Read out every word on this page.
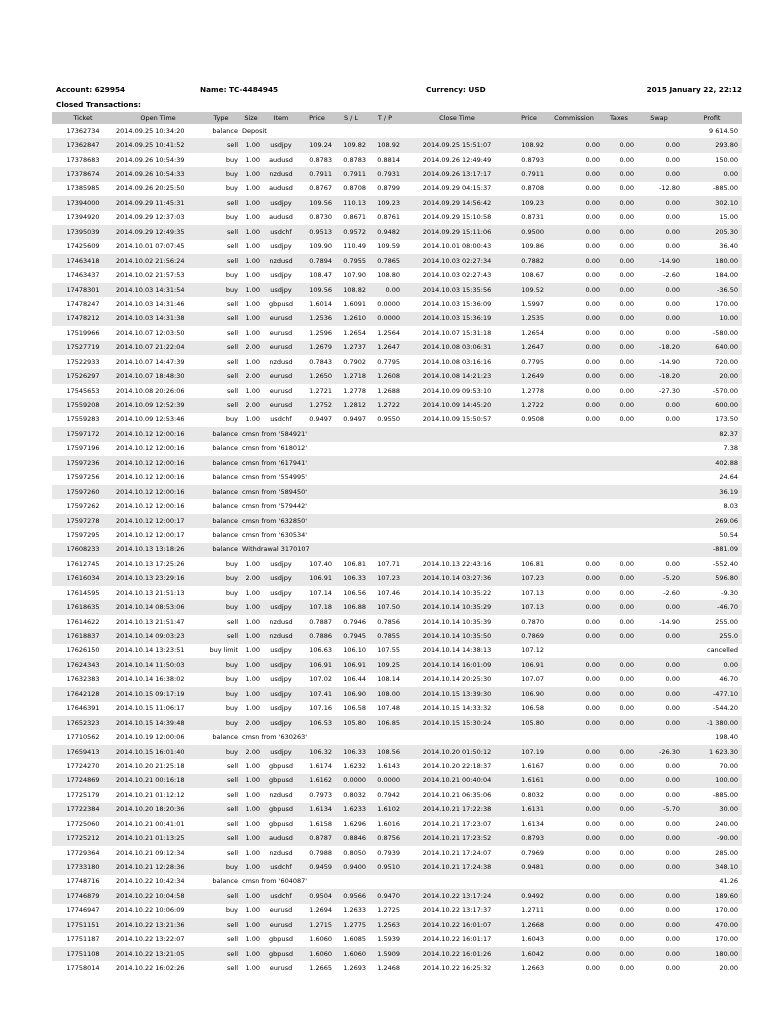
Account: 629954	Name: TC-4484945	Currency: USD	2015 January 22, 22:12
Closed Transactions:
Ticket	Open Time	Type	Size	Item	Price	S / L	T / P	Close Time	Price	Commission	Taxes	Swap	Profit
17362734	2014.09.25 10:34:20	balance	Deposit										9 614.50
17362847	2014.09.25 10:41:52	sell	1.00	usdjpy	109.24	109.82	108.92	2014.09.25 15:51:07	108.92	0.00	0.00	0.00	293.80
17378683	2014.09.26 10:54:39	buy	1.00	audusd	0.8783	0.8783	0.8814	2014.09.26 12:49:49	0.8793	0.00	0.00	0.00	150.00
17378674	2014.09.26 10:54:33	buy	1.00	nzdusd	0.7911	0.7911	0.7931	2014.09.26 13:17:17	0.7911	0.00	0.00	0.00	0.00
17385985	2014.09.26 20:25:50	buy	1.00	audusd	0.8767	0.8708	0.8799	2014.09.29 04:15:37	0.8708	0.00	0.00	-12.80	-885.00
17394000	2014.09.29 11:45:31	sell	1.00	usdjpy	109.56	110.13	109.23	2014.09.29 14:56:42	109.23	0.00	0.00	0.00	302.10
17394920	2014.09.29 12:37:03	buy	1.00	audusd	0.8730	0.8671	0.8761	2014.09.29 15:10:58	0.8731	0.00	0.00	0.00	15.00
17395039	2014.09.29 12:49:35	sell	1.00	usdchf	0.9513	0.9572	0.9482	2014.09.29 15:11:06	0.9500	0.00	0.00	0.00	205.30
17425609	2014.10.01 07:07:45	sell	1.00	usdjpy	109.90	110.49	109.59	2014.10.01 08:00:43	109.86	0.00	0.00	0.00	36.40
17463418	2014.10.02 21:56:24	sell	1.00	nzdusd	0.7894	0.7955	0.7865	2014.10.03 02:27:34	0.7882	0.00	0.00	-14.90	180.00
17463437	2014.10.02 21:57:53	buy	1.00	usdjpy	108.47	107.90	108.80	2014.10.03 02:27:43	108.67	0.00	0.00	-2.60	184.00
17478301	2014.10.03 14:31:54	buy	1.00	usdjpy	109.56	108.82	0.00	2014.10.03 15:35:56	109.52	0.00	0.00	0.00	-36.50
17478247	2014.10.03 14:31:46	sell	1.00	gbpusd	1.6014	1.6091	0.0000	2014.10.03 15:36:09	1.5997	0.00	0.00	0.00	170.00
17478212	2014.10.03 14:31:38	sell	1.00	eurusd	1.2536	1.2610	0.0000	2014.10.03 15:36:19	1.2535	0.00	0.00	0.00	10.00
17519966	2014.10.07 12:03:50	sell	1.00	eurusd	1.2596	1.2654	1.2564	2014.10.07 15:31:18	1.2654	0.00	0.00	0.00	-580.00
17527719	2014.10.07 21:22:04	sell	2.00	eurusd	1.2679	1.2737	1.2647	2014.10.08 03:06:31	1.2647	0.00	0.00	-18.20	640.00
17522933	2014.10.07 14:47:39	sell	1.00	nzdusd	0.7843	0.7902	0.7795	2014.10.08 03:16:16	0.7795	0.00	0.00	-14.90	720.00
17526297	2014.10.07 18:48:30	sell	2.00	eurusd	1.2650	1.2718	1.2608	2014.10.08 14:21:23	1.2649	0.00	0.00	-18.20	20.00
17545653	2014.10.08 20:26:06	sell	1.00	eurusd	1.2721	1.2778	1.2688	2014.10.09 09:53:10	1.2778	0.00	0.00	-27.30	-570.00
17559208	2014.10.09 12:52:39	sell	2.00	eurusd	1.2752	1.2812	1.2722	2014.10.09 14:45:20	1.2722	0.00	0.00	0.00	600.00
17559283	2014.10.09 12:53:46	buy	1.00	usdchf	0.9497	0.9497	0.9550	2014.10.09 15:50:57	0.9508	0.00	0.00	0.00	173.50
17597172	2014.10.12 12:00:16	balance	cmsn from '584921'										82.37
17597196	2014.10.12 12:00:16	balance	cmsn from '618012'										7.38
17597236	2014.10.12 12:00:16	balance	cmsn from '617941'										402.88
17597256	2014.10.12 12:00:16	balance	cmsn from '554995'										24.64
17597260	2014.10.12 12:00:16	balance	cmsn from '589450'										36.19
17597262	2014.10.12 12:00:16	balance	cmsn from '579442'										8.03
17597278	2014.10.12 12:00:17	balance	cmsn from '632850'										269.06
17597295	2014.10.12 12:00:17	balance	cmsn from '630534'										50.54
17608233	2014.10.13 13:18:26	balance	Withdrawal 3170107										-881.09
17612745	2014.10.13 17:25:26	buy	1.00	usdjpy	107.40	106.81	107.71	2014.10.13 22:43:16	106.81	0.00	0.00	0.00	-552.40
17616034	2014.10.13 23:29:16	buy	2.00	usdjpy	106.91	106.33	107.23	2014.10.14 03:27:36	107.23	0.00	0.00	-5.20	596.80
17614595	2014.10.13 21:51:13	buy	1.00	usdjpy	107.14	106.56	107.46	2014.10.14 10:35:22	107.13	0.00	0.00	-2.60	-9.30
17618635	2014.10.14 08:53:06	buy	1.00	usdjpy	107.18	106.88	107.50	2014.10.14 10:35:29	107.13	0.00	0.00	0.00	-46.70
17614622	2014.10.13 21:51:47	sell	1.00	nzdusd	0.7887	0.7946	0.7856	2014.10.14 10:35:39	0.7870	0.00	0.00	-14.90	255.00
17618837	2014.10.14 09:03:23	sell	1.00	nzdusd	0.7886	0.7945	0.7855	2014.10.14 10:35:50	0.7869	0.00	0.00	0.00	255.0
17626150	2014.10.14 13:23:51	buy limit	1.00	usdjpy	106.63	106.10	107.55	2014.10.14 14:38:13	107.12				cancelled
17624343	2014.10.14 11:50:03	buy	1.00	usdjpy	106.91	106.91	109.25	2014.10.14 16:01:09	106.91	0.00	0.00	0.00	0.00
17632383	2014.10.14 16:38:02	buy	1.00	usdjpy	107.02	106.44	108.14	2014.10.14 20:25:30	107.07	0.00	0.00	0.00	46.70
17642128	2014.10.15 09:17:19	buy	1.00	usdjpy	107.41	106.90	108.00	2014.10.15 13:39:30	106.90	0.00	0.00	0.00	-477.10
17646391	2014.10.15 11:06:17	buy	1.00	usdjpy	107.16	106.58	107.48	2014.10.15 14:33:32	106.58	0.00	0.00	0.00	-544.20
17652323	2014.10.15 14:39:48	buy	2.00	usdjpy	106.53	105.80	106.85	2014.10.15 15:30:24	105.80	0.00	0.00	0.00	-1 380.00
17710562	2014.10.19 12:00:06	balance	cmsn from '630263'										198.40
17659413	2014.10.15 16:01:40	buy	2.00	usdjpy	106.32	106.33	108.56	2014.10.20 01:50:12	107.19	0.00	0.00	-26.30	1 623.30
17724270	2014.10.20 21:25:18	sell	1.00	gbpusd	1.6174	1.6232	1.6143	2014.10.20 22:18:37	1.6167	0.00	0.00	0.00	70.00
17724869	2014.10.21 00:16:18	sell	1.00	gbpusd	1.6162	0.0000	0.0000	2014.10.21 00:40:04	1.6161	0.00	0.00	0.00	100.00
17725179	2014.10.21 01:12:12	sell	1.00	nzdusd	0.7973	0.8032	0.7942	2014.10.21 06:35:06	0.8032	0.00	0.00	0.00	-885.00
17722384	2014.10.20 18:20:36	sell	1.00	gbpusd	1.6134	1.6233	1.6102	2014.10.21 17:22:38	1.6131	0.00	0.00	-5.70	30.00
17725060	2014.10.21 00:41:01	sell	1.00	gbpusd	1.6158	1.6296	1.6016	2014.10.21 17:23:07	1.6134	0.00	0.00	0.00	240.00
17725212	2014.10.21 01:13:25	sell	1.00	audusd	0.8787	0.8846	0.8756	2014.10.21 17:23:52	0.8793	0.00	0.00	0.00	-90.00
17729364	2014.10.21 09:12:34	sell	1.00	nzdusd	0.7988	0.8050	0.7939	2014.10.21 17:24:07	0.7969	0.00	0.00	0.00	285.00
17733180	2014.10.21 12:28:36	buy	1.00	usdchf	0.9459	0.9400	0.9510	2014.10.21 17:24:38	0.9481	0.00	0.00	0.00	348.10
17748716	2014.10.22 10:42:34	balance	cmsn from '604087'										41.26
17746879	2014.10.22 10:04:58	sell	1.00	usdchf	0.9504	0.9566	0.9470	2014.10.22 13:17:24	0.9492	0.00	0.00	0.00	189.60
17746947	2014.10.22 10:06:09	buy	1.00	eurusd	1.2694	1.2633	1.2725	2014.10.22 13:17:37	1.2711	0.00	0.00	0.00	170.00
17751151	2014.10.22 13:21:36	sell	1.00	eurusd	1.2715	1.2775	1.2563	2014.10.22 16:01:07	1.2668	0.00	0.00	0.00	470.00
17751187	2014.10.22 13:22:07	sell	1.00	gbpusd	1.6060	1.6085	1.5939	2014.10.22 16:01:17	1.6043	0.00	0.00	0.00	170.00
17751108	2014.10.22 13:21:05	sell	1.00	gbpusd	1.6060	1.6060	1.5909	2014.10.22 16:01:26	1.6042	0.00	0.00	0.00	180.00
17758014	2014.10.22 16:02:26	sell	1.00	eurusd	1.2665	1.2693	1.2468	2014.10.22 16:25:32	1.2663	0.00	0.00	0.00	20.00
